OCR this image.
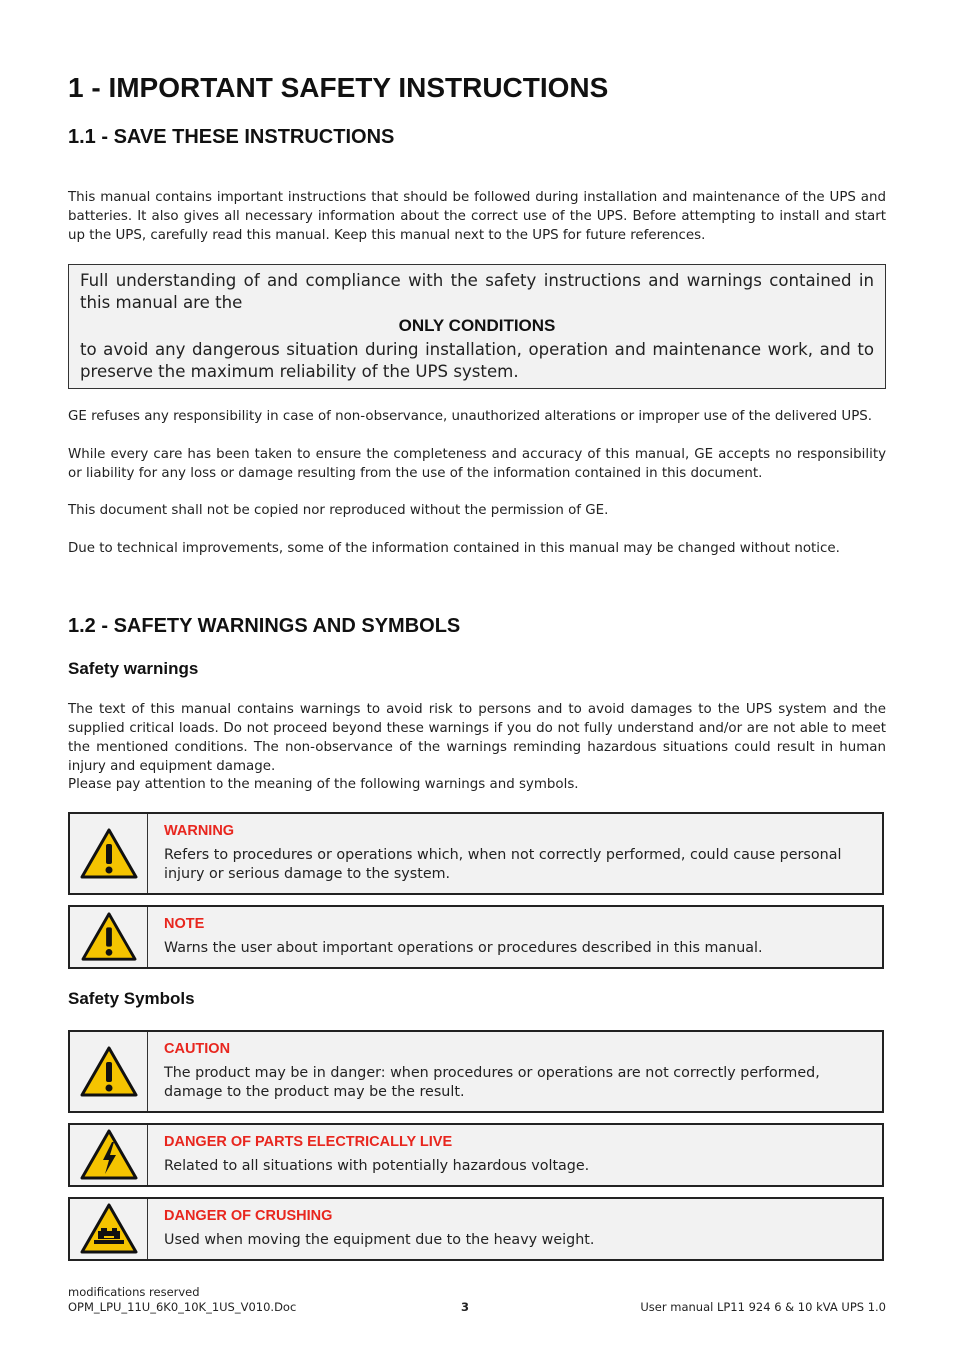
1 - IMPORTANT SAFETY INSTRUCTIONS
1.1 - SAVE THESE INSTRUCTIONS

This manual contains important instructions that should be followed during installation and maintenance of the UPS and batteries. It also gives all necessary information about the correct use of the UPS. Before attempting to install and start up the UPS, carefully read this manual. Keep this manual next to the UPS for future references.

Full understanding of and compliance with the safety instructions and warnings contained in this manual are the
ONLY CONDITIONS
to avoid any dangerous situation during installation, operation and maintenance work, and to preserve the maximum reliability of the UPS system.

GE refuses any responsibility in case of non-observance, unauthorized alterations or improper use of the delivered UPS.

While every care has been taken to ensure the completeness and accuracy of this manual, GE accepts no responsibility or liability for any loss or damage resulting from the use of the information contained in this document.

This document shall not be copied nor reproduced without the permission of GE.

Due to technical improvements, some of the information contained in this manual may be changed without notice.

1.2 - SAFETY WARNINGS AND SYMBOLS
Safety warnings

The text of this manual contains warnings to avoid risk to persons and to avoid damages to the UPS system and the supplied critical loads. Do not proceed beyond these warnings if you do not fully understand and/or are not able to meet the mentioned conditions. The non-observance of the warnings reminding hazardous situations could result in human injury and equipment damage.

Please pay attention to the meaning of the following warnings and symbols.

WARNING
Refers to procedures or operations which, when not correctly performed, could cause personal injury or serious damage to the system.
NOTE
Warns the user about important operations or procedures described in this manual.
Safety Symbols
CAUTION
The product may be in danger: when procedures or operations are not correctly performed, damage to the product may be the result.
DANGER OF PARTS ELECTRICALLY LIVE
Related to all situations with potentially hazardous voltage.
DANGER OF CRUSHING
Used when moving the equipment due to the heavy weight.
modifications reserved
OPM_LPU_11U_6K0_10K_1US_V010.Doc	3	User manual LP11 924 6 & 10 kVA UPS 1.0
